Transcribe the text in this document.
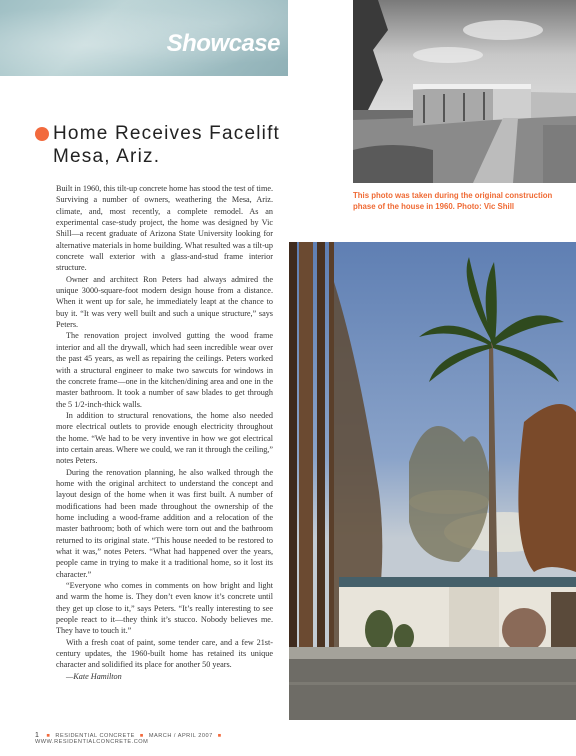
Showcase
Home Receives Facelift
Mesa, Ariz.

Built in 1960, this tilt-up concrete home has stood the test of time. Surviving a number of owners, weathering the Mesa, Ariz. climate, and, most recently, a complete remodel. As an experimental case-study project, the home was designed by Vic Shill—a recent graduate of Arizona State University looking for alternative materials in home building. What resulted was a tilt-up concrete wall exterior with a glass-and-stud frame interior structure.

Owner and architect Ron Peters had always admired the unique 3000-square-foot modern design house from a distance. When it went up for sale, he immediately leapt at the chance to buy it. “It was very well built and such a unique structure,” says Peters.

The renovation project involved gutting the wood frame interior and all the drywall, which had seen incredible wear over the past 45 years, as well as repairing the ceilings. Peters worked with a structural engineer to make two sawcuts for windows in the concrete frame—one in the kitchen/dining area and one in the master bathroom. It took a number of saw blades to get through the 5 1/2-inch-thick walls.

In addition to structural renovations, the home also needed more electrical outlets to provide enough electricity throughout the home. “We had to be very inventive in how we got electrical into certain areas. Where we could, we ran it through the ceiling,” notes Peters.

During the renovation planning, he also walked through the home with the original architect to understand the concept and layout design of the home when it was first built. A number of modifications had been made throughout the ownership of the home including a wood-frame addition and a relocation of the master bathroom; both of which were torn out and the bathroom returned to its original state. “This house needed to be restored to what it was,” notes Peters. “What had happened over the years, people came in trying to make it a traditional home, so it lost its character.”

“Everyone who comes in comments on how bright and light and warm the home is. They don’t even know it’s concrete until they get up close to it,” says Peters. “It’s really interesting to see people react to it—they think it’s stucco. Nobody believes me. They have to touch it.”

With a fresh coat of paint, some tender care, and a few 21st-century updates, the 1960-built home has retained its unique character and solidified its place for another 50 years.

—Kate Hamilton
This photo was taken during the original construction phase of the house in 1960. Photo: Vic Shill
1 ■ RESIDENTIAL CONCRETE ■ MARCH / APRIL 2007 ■ WWW.RESIDENTIALCONCRETE.COM
